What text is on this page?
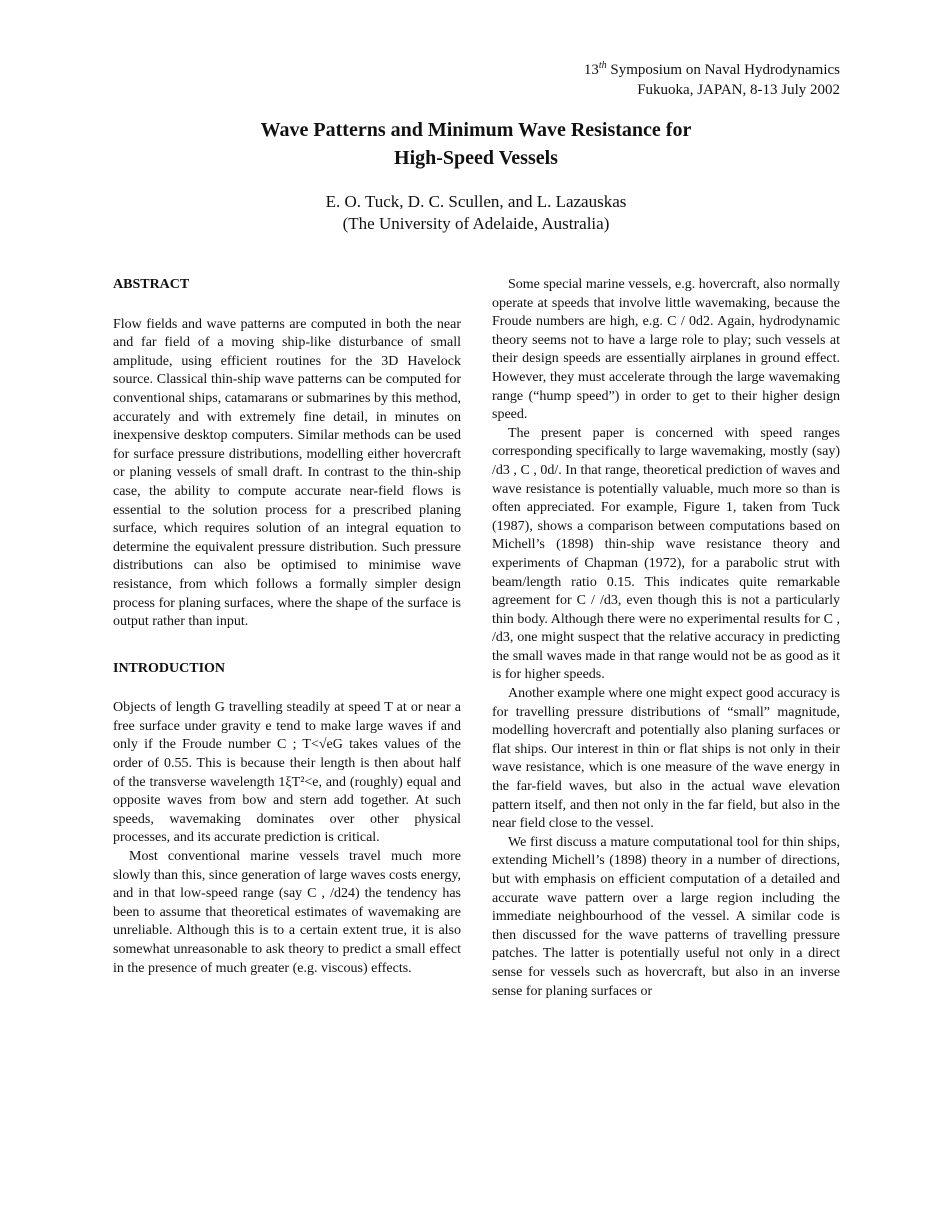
13th Symposium on Naval Hydrodynamics
Fukuoka, JAPAN, 8-13 July 2002
Wave Patterns and Minimum Wave Resistance for
High-Speed Vessels
E. O. Tuck, D. C. Scullen, and L. Lazauskas
(The University of Adelaide, Australia)

ABSTRACT

Flow fields and wave patterns are computed in both the near and far field of a moving ship-like disturbance of small amplitude, using efficient routines for the 3D Havelock source. Classical thin-ship wave patterns can be computed for conventional ships, catamarans or submarines by this method, accurately and with extremely fine detail, in minutes on inexpensive desktop computers. Similar methods can be used for surface pressure distributions, modelling either hovercraft or planing vessels of small draft. In contrast to the thin-ship case, the ability to compute accurate near-field flows is essential to the solution process for a prescribed planing surface, which requires solution of an integral equation to determine the equivalent pressure distribution. Such pressure distributions can also be optimised to minimise wave resistance, from which follows a formally simpler design process for planing surfaces, where the shape of the surface is output rather than input.

INTRODUCTION

Objects of length G travelling steadily at speed T at or near a free surface under gravity e tend to make large waves if and only if the Froude number C ; T<√eG takes values of the order of 0.55. This is because their length is then about half of the transverse wavelength 1ξT²<e, and (roughly) equal and opposite waves from bow and stern add together. At such speeds, wavemaking dominates over other physical processes, and its accurate prediction is critical.

Most conventional marine vessels travel much more slowly than this, since generation of large waves costs energy, and in that low-speed range (say C , /d24) the tendency has been to assume that theoretical estimates of wavemaking are unreliable. Although this is to a certain extent true, it is also somewhat unreasonable to ask theory to predict a small effect in the presence of much greater (e.g. viscous) effects.

Some special marine vessels, e.g. hovercraft, also normally operate at speeds that involve little wavemaking, because the Froude numbers are high, e.g. C / 0d2. Again, hydrodynamic theory seems not to have a large role to play; such vessels at their design speeds are essentially airplanes in ground effect. However, they must accelerate through the large wavemaking range (“hump speed”) in order to get to their higher design speed.

The present paper is concerned with speed ranges corresponding specifically to large wavemaking, mostly (say) /d3 , C , 0d/. In that range, theoretical prediction of waves and wave resistance is potentially valuable, much more so than is often appreciated. For example, Figure 1, taken from Tuck (1987), shows a comparison between computations based on Michell’s (1898) thin-ship wave resistance theory and experiments of Chapman (1972), for a parabolic strut with beam/length ratio 0.15. This indicates quite remarkable agreement for C / /d3, even though this is not a particularly thin body. Although there were no experimental results for C , /d3, one might suspect that the relative accuracy in predicting the small waves made in that range would not be as good as it is for higher speeds.

Another example where one might expect good accuracy is for travelling pressure distributions of “small” magnitude, modelling hovercraft and potentially also planing surfaces or flat ships. Our interest in thin or flat ships is not only in their wave resistance, which is one measure of the wave energy in the far-field waves, but also in the actual wave elevation pattern itself, and then not only in the far field, but also in the near field close to the vessel.

We first discuss a mature computational tool for thin ships, extending Michell’s (1898) theory in a number of directions, but with emphasis on efficient computation of a detailed and accurate wave pattern over a large region including the immediate neighbourhood of the vessel. A similar code is then discussed for the wave patterns of travelling pressure patches. The latter is potentially useful not only in a direct sense for vessels such as hovercraft, but also in an inverse sense for planing surfaces or
